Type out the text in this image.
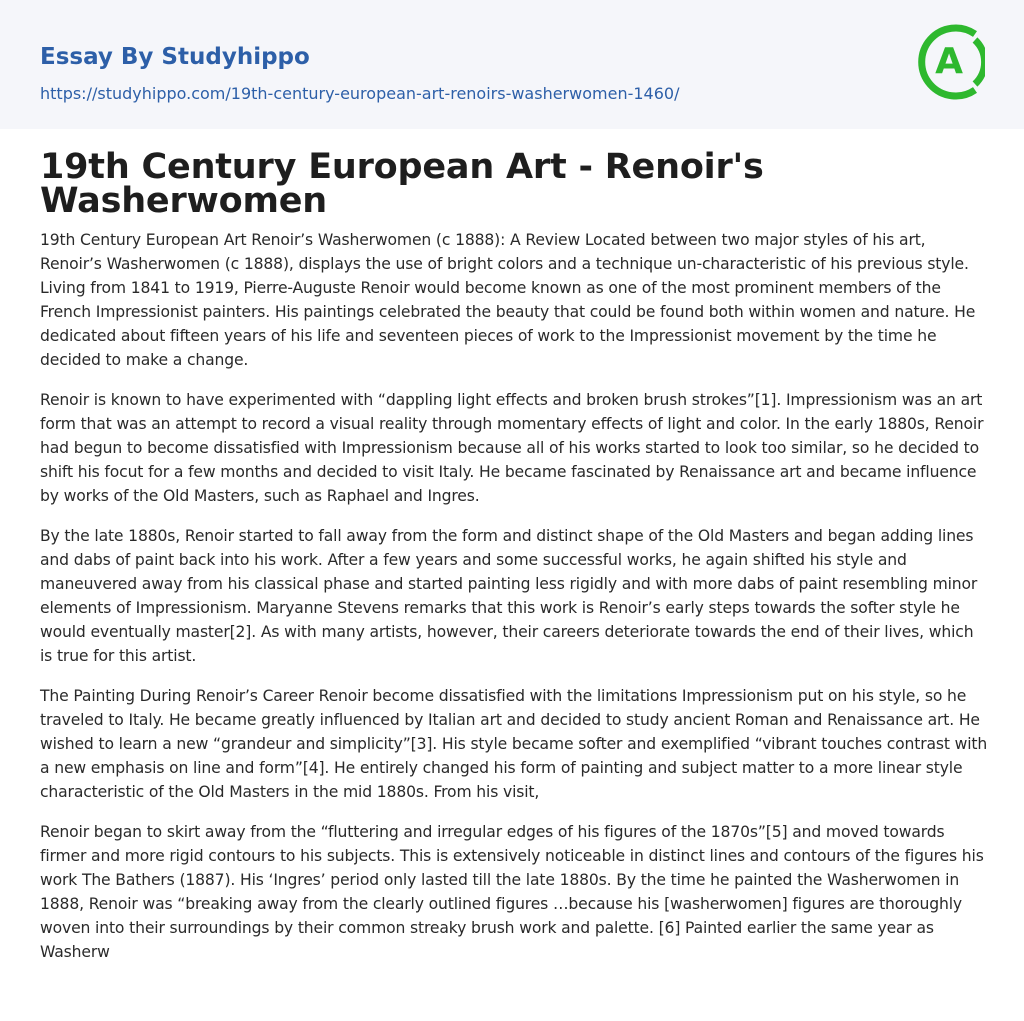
Essay By Studyhippo
https://studyhippo.com/19th-century-european-art-renoirs-washerwomen-1460/
A
19th Century European Art - Renoir's Washerwomen

19th Century European Art Renoir’s Washerwomen (c 1888): A Review Located between two major styles of his art, Renoir’s Washerwomen (c 1888), displays the use of bright colors and a technique un-characteristic of his previous style. Living from 1841 to 1919, Pierre-Auguste Renoir would become known as one of the most prominent members of the French Impressionist painters. His paintings celebrated the beauty that could be found both within women and nature. He dedicated about fifteen years of his life and seventeen pieces of work to the Impressionist movement by the time he decided to make a change.

Renoir is known to have experimented with “dappling light effects and broken brush strokes”[1]. Impressionism was an art form that was an attempt to record a visual reality through momentary effects of light and color. In the early 1880s, Renoir had begun to become dissatisfied with Impressionism because all of his works started to look too similar, so he decided to shift his focut for a few months and decided to visit Italy. He became fascinated by Renaissance art and became influence by works of the Old Masters, such as Raphael and Ingres.

By the late 1880s, Renoir started to fall away from the form and distinct shape of the Old Masters and began adding lines and dabs of paint back into his work. After a few years and some successful works, he again shifted his style and maneuvered away from his classical phase and started painting less rigidly and with more dabs of paint resembling minor elements of Impressionism. Maryanne Stevens remarks that this work is Renoir’s early steps towards the softer style he would eventually master[2]. As with many artists, however, their careers deteriorate towards the end of their lives, which is true for this artist.

The Painting During Renoir’s Career Renoir become dissatisfied with the limitations Impressionism put on his style, so he traveled to Italy. He became greatly influenced by Italian art and decided to study ancient Roman and Renaissance art. He wished to learn a new “grandeur and simplicity”[3]. His style became softer and exemplified “vibrant touches contrast with a new emphasis on line and form”[4]. He entirely changed his form of painting and subject matter to a more linear style characteristic of the Old Masters in the mid 1880s. From his visit,

Renoir began to skirt away from the “fluttering and irregular edges of his figures of the 1870s”[5] and moved towards firmer and more rigid contours to his subjects. This is extensively noticeable in distinct lines and contours of the figures his work The Bathers (1887). His ‘Ingres’ period only lasted till the late 1880s. By the time he painted the Washerwomen in 1888, Renoir was “breaking away from the clearly outlined figures …because his [washerwomen] figures are thoroughly woven into their surroundings by their common streaky brush work and palette. [6] Painted earlier the same year as Washerw
